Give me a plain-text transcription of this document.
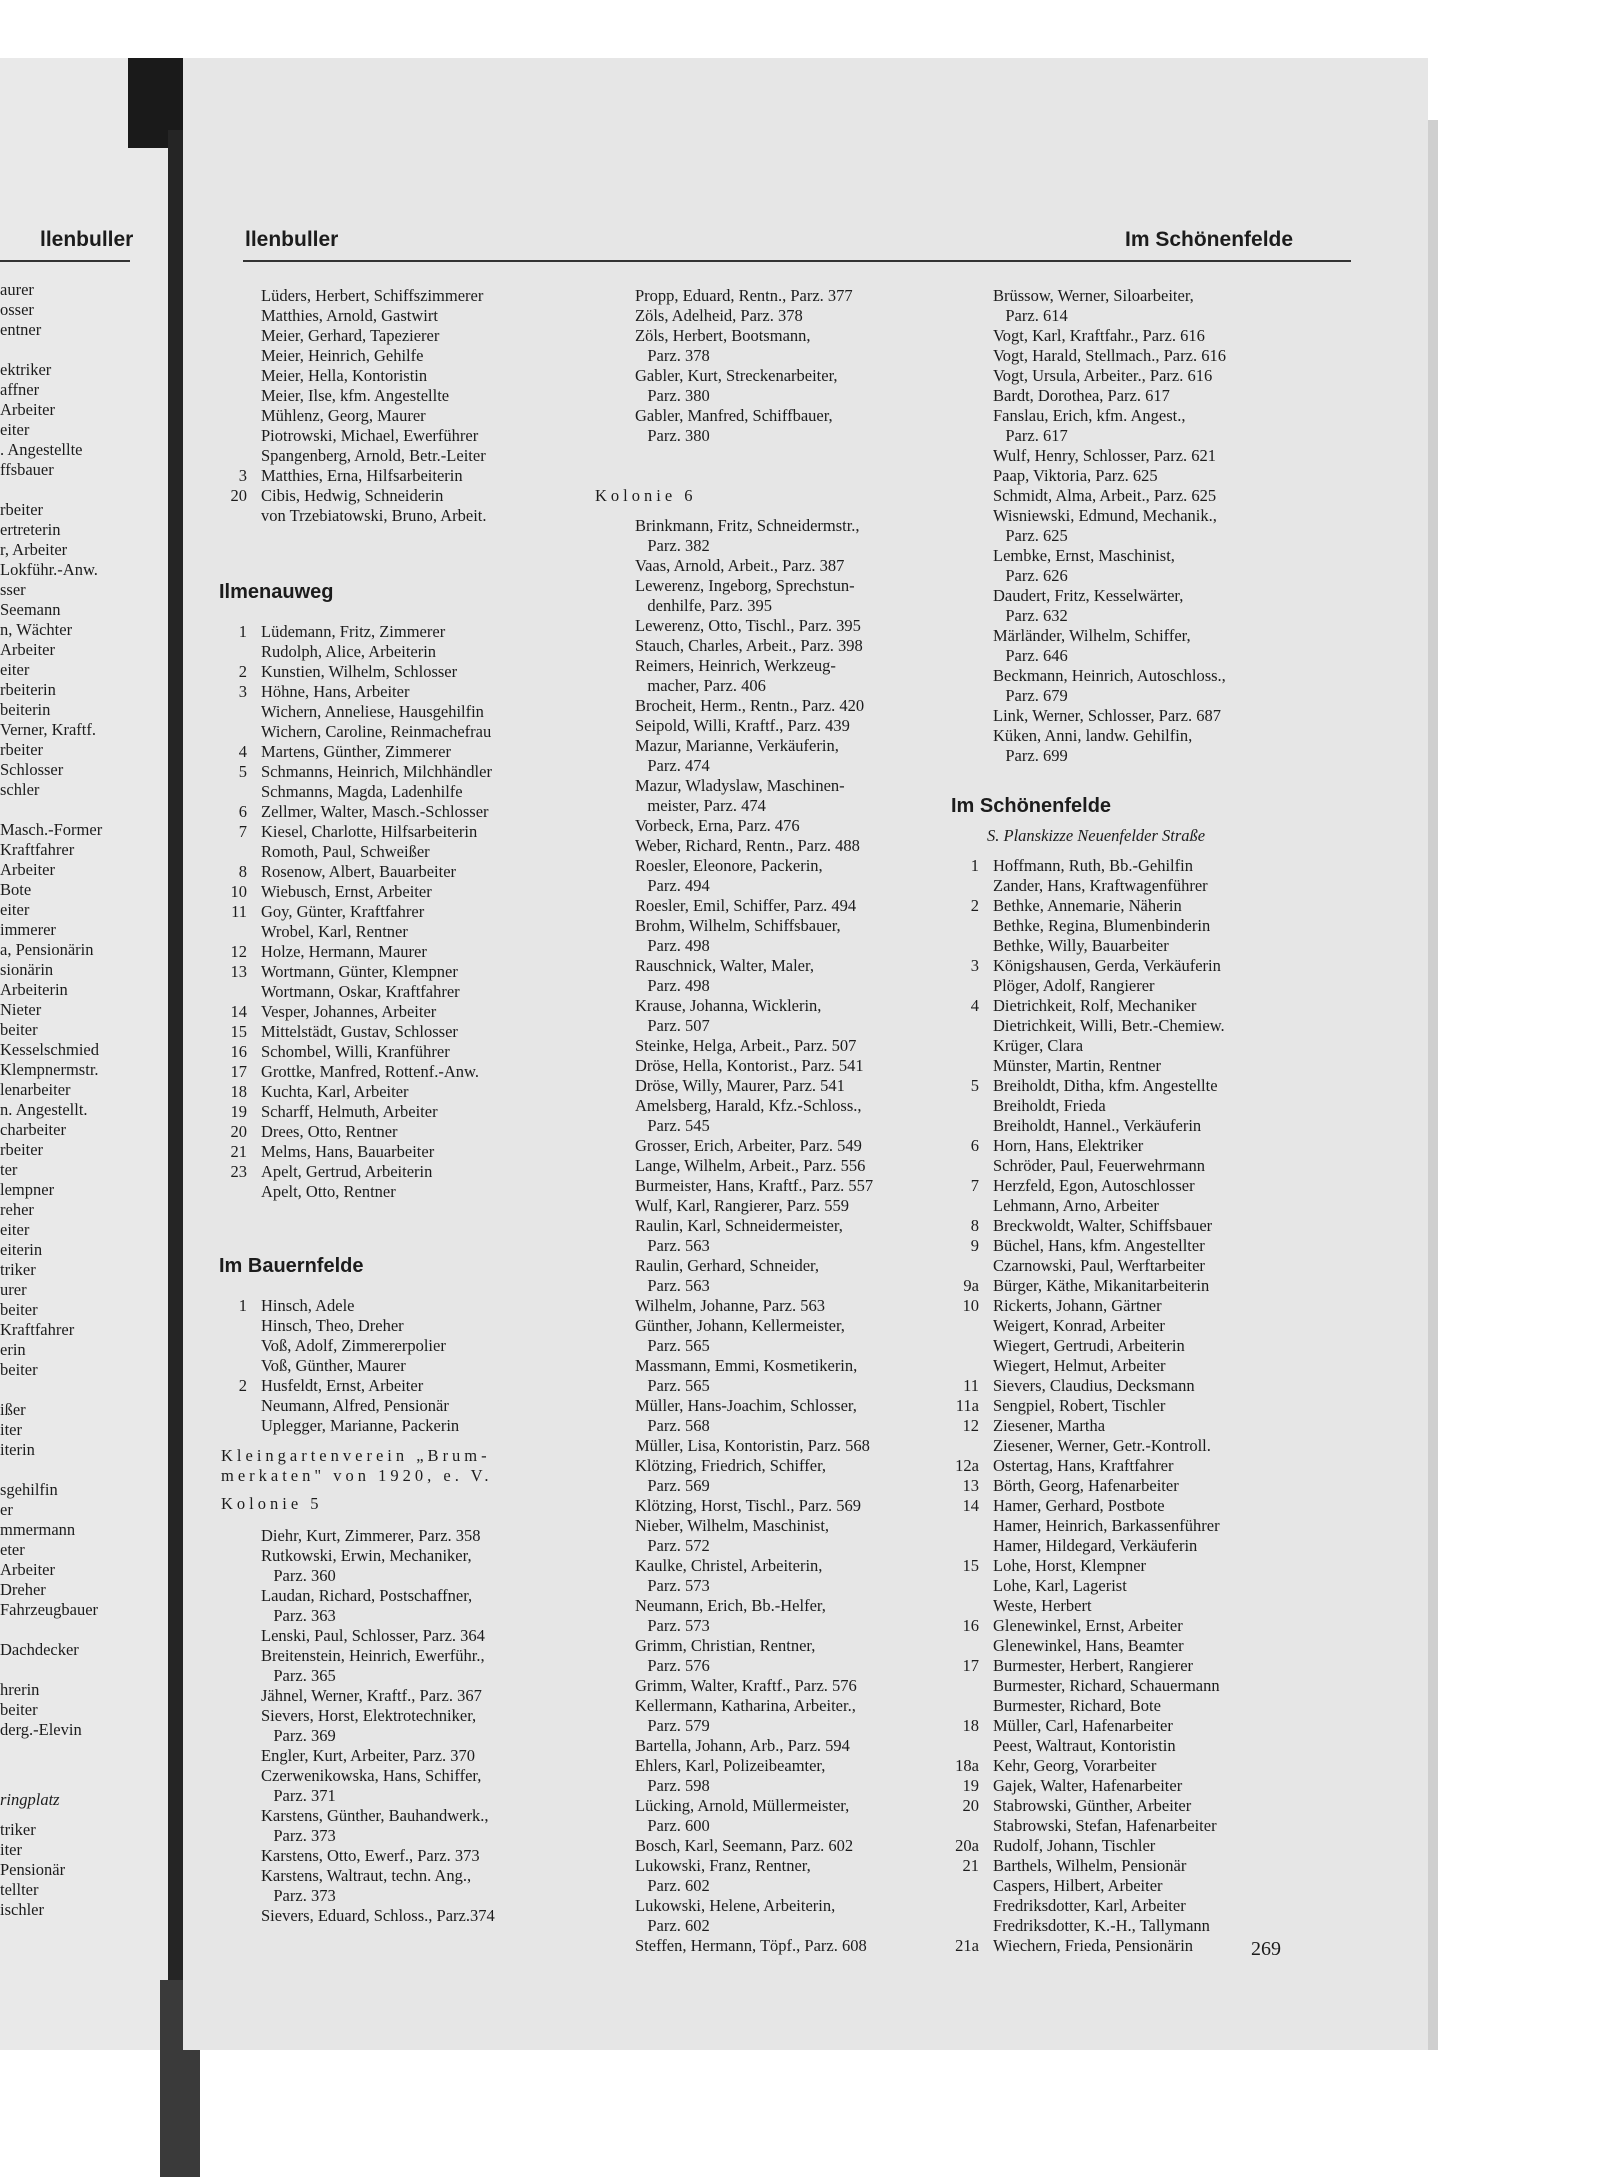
llenbuller
aurer
osser
entner
ektriker
affner
Arbeiter
eiter
. Angestellte
ffsbauer
rbeiter
ertreterin
r, Arbeiter
Lokführ.-Anw.
sser
Seemann
n, Wächter
Arbeiter
eiter
rbeiterin
beiterin
Verner, Kraftf.
rbeiter
Schlosser
schler
Masch.-Former
Kraftfahrer
Arbeiter
Bote
eiter
immerer
a, Pensionärin
sionärin
Arbeiterin
Nieter
beiter
Kesselschmied
Klempnermstr.
lenarbeiter
n. Angestellt.
charbeiter
rbeiter
ter
lempner
reher
eiter
eiterin
triker
urer
beiter
Kraftfahrer
erin
beiter
ißer
iter
iterin
sgehilfin
er
mmermann
eter
Arbeiter
Dreher
Fahrzeugbauer
Dachdecker
hrerin
beiter
derg.-Elevin
ringplatz
triker
iter
Pensionär
tellter
ischler
llenbuller	Im Schönenfelde
Lüders, Herbert, Schiffszimmerer
Matthies, Arnold, Gastwirt
Meier, Gerhard, Tapezierer
Meier, Heinrich, Gehilfe
Meier, Hella, Kontoristin
Meier, Ilse, kfm. Angestellte
Mühlenz, Georg, Maurer
Piotrowski, Michael, Ewerführer
Spangenberg, Arnold, Betr.-Leiter
3 Matthies, Erna, Hilfsarbeiterin
20 Cibis, Hedwig, Schneiderin
von Trzebiatowski, Bruno, Arbeit.
Ilmenauweg
1 Lüdemann, Fritz, Zimmerer
Rudolph, Alice, Arbeiterin
2 Kunstien, Wilhelm, Schlosser
3 Höhne, Hans, Arbeiter
Wichern, Anneliese, Hausgehilfin
Wichern, Caroline, Reinmachefrau
4 Martens, Günther, Zimmerer
5 Schmanns, Heinrich, Milchhändler
Schmanns, Magda, Ladenhilfe
6 Zellmer, Walter, Masch.-Schlosser
7 Kiesel, Charlotte, Hilfsarbeiterin
Romoth, Paul, Schweißer
8 Rosenow, Albert, Bauarbeiter
10 Wiebusch, Ernst, Arbeiter
11 Goy, Günter, Kraftfahrer
Wrobel, Karl, Rentner
12 Holze, Hermann, Maurer
13 Wortmann, Günter, Klempner
Wortmann, Oskar, Kraftfahrer
14 Vesper, Johannes, Arbeiter
15 Mittelstädt, Gustav, Schlosser
16 Schombel, Willi, Kranführer
17 Grottke, Manfred, Rottenf.-Anw.
18 Kuchta, Karl, Arbeiter
19 Scharff, Helmuth, Arbeiter
20 Drees, Otto, Rentner
21 Melms, Hans, Bauarbeiter
23 Apelt, Gertrud, Arbeiterin
Apelt, Otto, Rentner
Im Bauernfelde
1 Hinsch, Adele
Hinsch, Theo, Dreher
Voß, Adolf, Zimmererpolier
Voß, Günther, Maurer
2 Husfeldt, Ernst, Arbeiter
Neumann, Alfred, Pensionär
Uplegger, Marianne, Packerin
Kleingartenverein „Brum-
merkaten" von 1920, e. V.
Kolonie 5
Diehr, Kurt, Zimmerer, Parz. 358
Rutkowski, Erwin, Mechaniker,
Parz. 360
Laudan, Richard, Postschaffner,
Parz. 363
Lenski, Paul, Schlosser, Parz. 364
Breitenstein, Heinrich, Ewerführ.,
Parz. 365
Jähnel, Werner, Kraftf., Parz. 367
Sievers, Horst, Elektrotechniker,
Parz. 369
Engler, Kurt, Arbeiter, Parz. 370
Czerwenikowska, Hans, Schiffer,
Parz. 371
Karstens, Günther, Bauhandwerk.,
Parz. 373
Karstens, Otto, Ewerf., Parz. 373
Karstens, Waltraut, techn. Ang.,
Parz. 373
Sievers, Eduard, Schloss., Parz.374
Propp, Eduard, Rentn., Parz. 377
Zöls, Adelheid, Parz. 378
Zöls, Herbert, Bootsmann,
Parz. 378
Gabler, Kurt, Streckenarbeiter,
Parz. 380
Gabler, Manfred, Schiffbauer,
Parz. 380
Kolonie 6
Brinkmann, Fritz, Schneidermstr.,
Parz. 382
Vaas, Arnold, Arbeit., Parz. 387
Lewerenz, Ingeborg, Sprechstun-
denhilfe, Parz. 395
Lewerenz, Otto, Tischl., Parz. 395
Stauch, Charles, Arbeit., Parz. 398
Reimers, Heinrich, Werkzeug-
macher, Parz. 406
Brocheit, Herm., Rentn., Parz. 420
Seipold, Willi, Kraftf., Parz. 439
Mazur, Marianne, Verkäuferin,
Parz. 474
Mazur, Wladyslaw, Maschinen-
meister, Parz. 474
Vorbeck, Erna, Parz. 476
Weber, Richard, Rentn., Parz. 488
Roesler, Eleonore, Packerin,
Parz. 494
Roesler, Emil, Schiffer, Parz. 494
Brohm, Wilhelm, Schiffsbauer,
Parz. 498
Rauschnick, Walter, Maler,
Parz. 498
Krause, Johanna, Wicklerin,
Parz. 507
Steinke, Helga, Arbeit., Parz. 507
Dröse, Hella, Kontorist., Parz. 541
Dröse, Willy, Maurer, Parz. 541
Amelsberg, Harald, Kfz.-Schloss.,
Parz. 545
Grosser, Erich, Arbeiter, Parz. 549
Lange, Wilhelm, Arbeit., Parz. 556
Burmeister, Hans, Kraftf., Parz. 557
Wulf, Karl, Rangierer, Parz. 559
Raulin, Karl, Schneidermeister,
Parz. 563
Raulin, Gerhard, Schneider,
Parz. 563
Wilhelm, Johanne, Parz. 563
Günther, Johann, Kellermeister,
Parz. 565
Massmann, Emmi, Kosmetikerin,
Parz. 565
Müller, Hans-Joachim, Schlosser,
Parz. 568
Müller, Lisa, Kontoristin, Parz. 568
Klötzing, Friedrich, Schiffer,
Parz. 569
Klötzing, Horst, Tischl., Parz. 569
Nieber, Wilhelm, Maschinist,
Parz. 572
Kaulke, Christel, Arbeiterin,
Parz. 573
Neumann, Erich, Bb.-Helfer,
Parz. 573
Grimm, Christian, Rentner,
Parz. 576
Grimm, Walter, Kraftf., Parz. 576
Kellermann, Katharina, Arbeiter.,
Parz. 579
Bartella, Johann, Arb., Parz. 594
Ehlers, Karl, Polizeibeamter,
Parz. 598
Lücking, Arnold, Müllermeister,
Parz. 600
Bosch, Karl, Seemann, Parz. 602
Lukowski, Franz, Rentner,
Parz. 602
Lukowski, Helene, Arbeiterin,
Parz. 602
Steffen, Hermann, Töpf., Parz. 608
Brüssow, Werner, Siloarbeiter,
Parz. 614
Vogt, Karl, Kraftfahr., Parz. 616
Vogt, Harald, Stellmach., Parz. 616
Vogt, Ursula, Arbeiter., Parz. 616
Bardt, Dorothea, Parz. 617
Fanslau, Erich, kfm. Angest.,
Parz. 617
Wulf, Henry, Schlosser, Parz. 621
Paap, Viktoria, Parz. 625
Schmidt, Alma, Arbeit., Parz. 625
Wisniewski, Edmund, Mechanik.,
Parz. 625
Lembke, Ernst, Maschinist,
Parz. 626
Daudert, Fritz, Kesselwärter,
Parz. 632
Märländer, Wilhelm, Schiffer,
Parz. 646
Beckmann, Heinrich, Autoschloss.,
Parz. 679
Link, Werner, Schlosser, Parz. 687
Küken, Anni, landw. Gehilfin,
Parz. 699
Im Schönenfelde
S. Planskizze Neuenfelder Straße
1 Hoffmann, Ruth, Bb.-Gehilfin
Zander, Hans, Kraftwagenführer
2 Bethke, Annemarie, Näherin
Bethke, Regina, Blumenbinderin
Bethke, Willy, Bauarbeiter
3 Königshausen, Gerda, Verkäuferin
Plöger, Adolf, Rangierer
4 Dietrichkeit, Rolf, Mechaniker
Dietrichkeit, Willi, Betr.-Chemiew.
Krüger, Clara
Münster, Martin, Rentner
5 Breiholdt, Ditha, kfm. Angestellte
Breiholdt, Frieda
Breiholdt, Hannel., Verkäuferin
6 Horn, Hans, Elektriker
Schröder, Paul, Feuerwehrmann
7 Herzfeld, Egon, Autoschlosser
Lehmann, Arno, Arbeiter
8 Breckwoldt, Walter, Schiffsbauer
9 Büchel, Hans, kfm. Angestellter
Czarnowski, Paul, Werftarbeiter
9a Bürger, Käthe, Mikanitarbeiterin
10 Rickerts, Johann, Gärtner
Weigert, Konrad, Arbeiter
Wiegert, Gertrudi, Arbeiterin
Wiegert, Helmut, Arbeiter
11 Sievers, Claudius, Decksmann
11a Sengpiel, Robert, Tischler
12 Ziesener, Martha
Ziesener, Werner, Getr.-Kontroll.
12a Ostertag, Hans, Kraftfahrer
13 Börth, Georg, Hafenarbeiter
14 Hamer, Gerhard, Postbote
Hamer, Heinrich, Barkassenführer
Hamer, Hildegard, Verkäuferin
15 Lohe, Horst, Klempner
Lohe, Karl, Lagerist
Weste, Herbert
16 Glenewinkel, Ernst, Arbeiter
Glenewinkel, Hans, Beamter
17 Burmester, Herbert, Rangierer
Burmester, Richard, Schauermann
Burmester, Richard, Bote
18 Müller, Carl, Hafenarbeiter
Peest, Waltraut, Kontoristin
18a Kehr, Georg, Vorarbeiter
19 Gajek, Walter, Hafenarbeiter
20 Stabrowski, Günther, Arbeiter
Stabrowski, Stefan, Hafenarbeiter
20a Rudolf, Johann, Tischler
21 Barthels, Wilhelm, Pensionär
Caspers, Hilbert, Arbeiter
Fredriksdotter, Karl, Arbeiter
Fredriksdotter, K.-H., Tallymann
21a Wiechern, Frieda, Pensionärin	269
